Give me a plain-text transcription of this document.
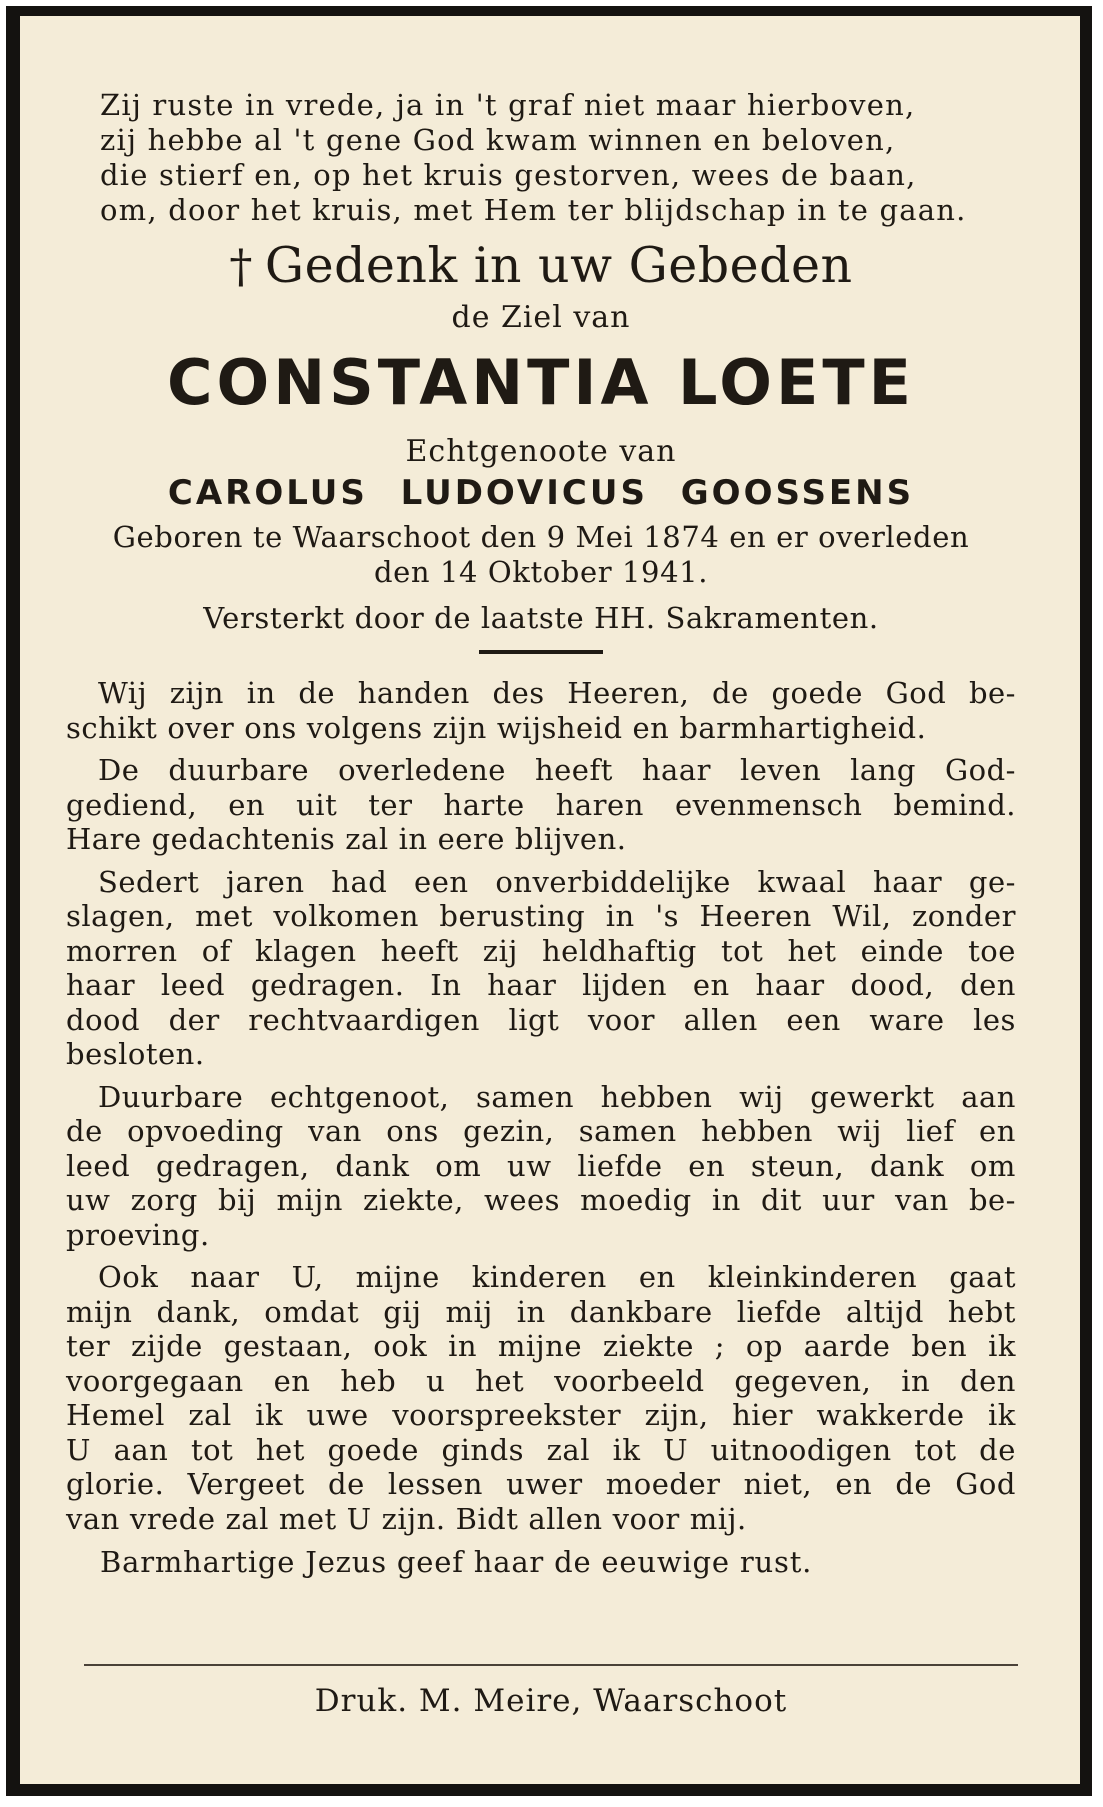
Zij ruste in vrede, ja in 't graf niet maar hierboven,
zij hebbe al 't gene God kwam winnen en beloven,
die stierf en, op het kruis gestorven, wees de baan,
om, door het kruis, met Hem ter blijdschap in te gaan.
† Gedenk in uw Gebeden
de Ziel van
CONSTANTIA LOETE
Echtgenoote van
CAROLUS LUDOVICUS GOOSSENS
Geboren te Waarschoot den 9 Mei 1874 en er overleden
den 14 Oktober 1941.
Versterkt door de laatste HH. Sakramenten.
Wij zijn in de handen des Heeren, de goede God be-
schikt over ons volgens zijn wijsheid en barmhartigheid.
De duurbare overledene heeft haar leven lang God-
gediend, en uit ter harte haren evenmensch bemind.
Hare gedachtenis zal in eere blijven.
Sedert jaren had een onverbiddelijke kwaal haar ge-
slagen, met volkomen berusting in 's Heeren Wil, zonder
morren of klagen heeft zij heldhaftig tot het einde toe
haar leed gedragen. In haar lijden en haar dood, den
dood der rechtvaardigen ligt voor allen een ware les
besloten.
Duurbare echtgenoot, samen hebben wij gewerkt aan
de opvoeding van ons gezin, samen hebben wij lief en
leed gedragen, dank om uw liefde en steun, dank om
uw zorg bij mijn ziekte, wees moedig in dit uur van be-
proeving.
Ook naar U, mijne kinderen en kleinkinderen gaat
mijn dank, omdat gij mij in dankbare liefde altijd hebt
ter zijde gestaan, ook in mijne ziekte ; op aarde ben ik
voorgegaan en heb u het voorbeeld gegeven, in den
Hemel zal ik uwe voorspreekster zijn, hier wakkerde ik
U aan tot het goede ginds zal ik U uitnoodigen tot de
glorie. Vergeet de lessen uwer moeder niet, en de God
van vrede zal met U zijn. Bidt allen voor mij.
Barmhartige Jezus geef haar de eeuwige rust.
Druk. M. Meire, Waarschoot
